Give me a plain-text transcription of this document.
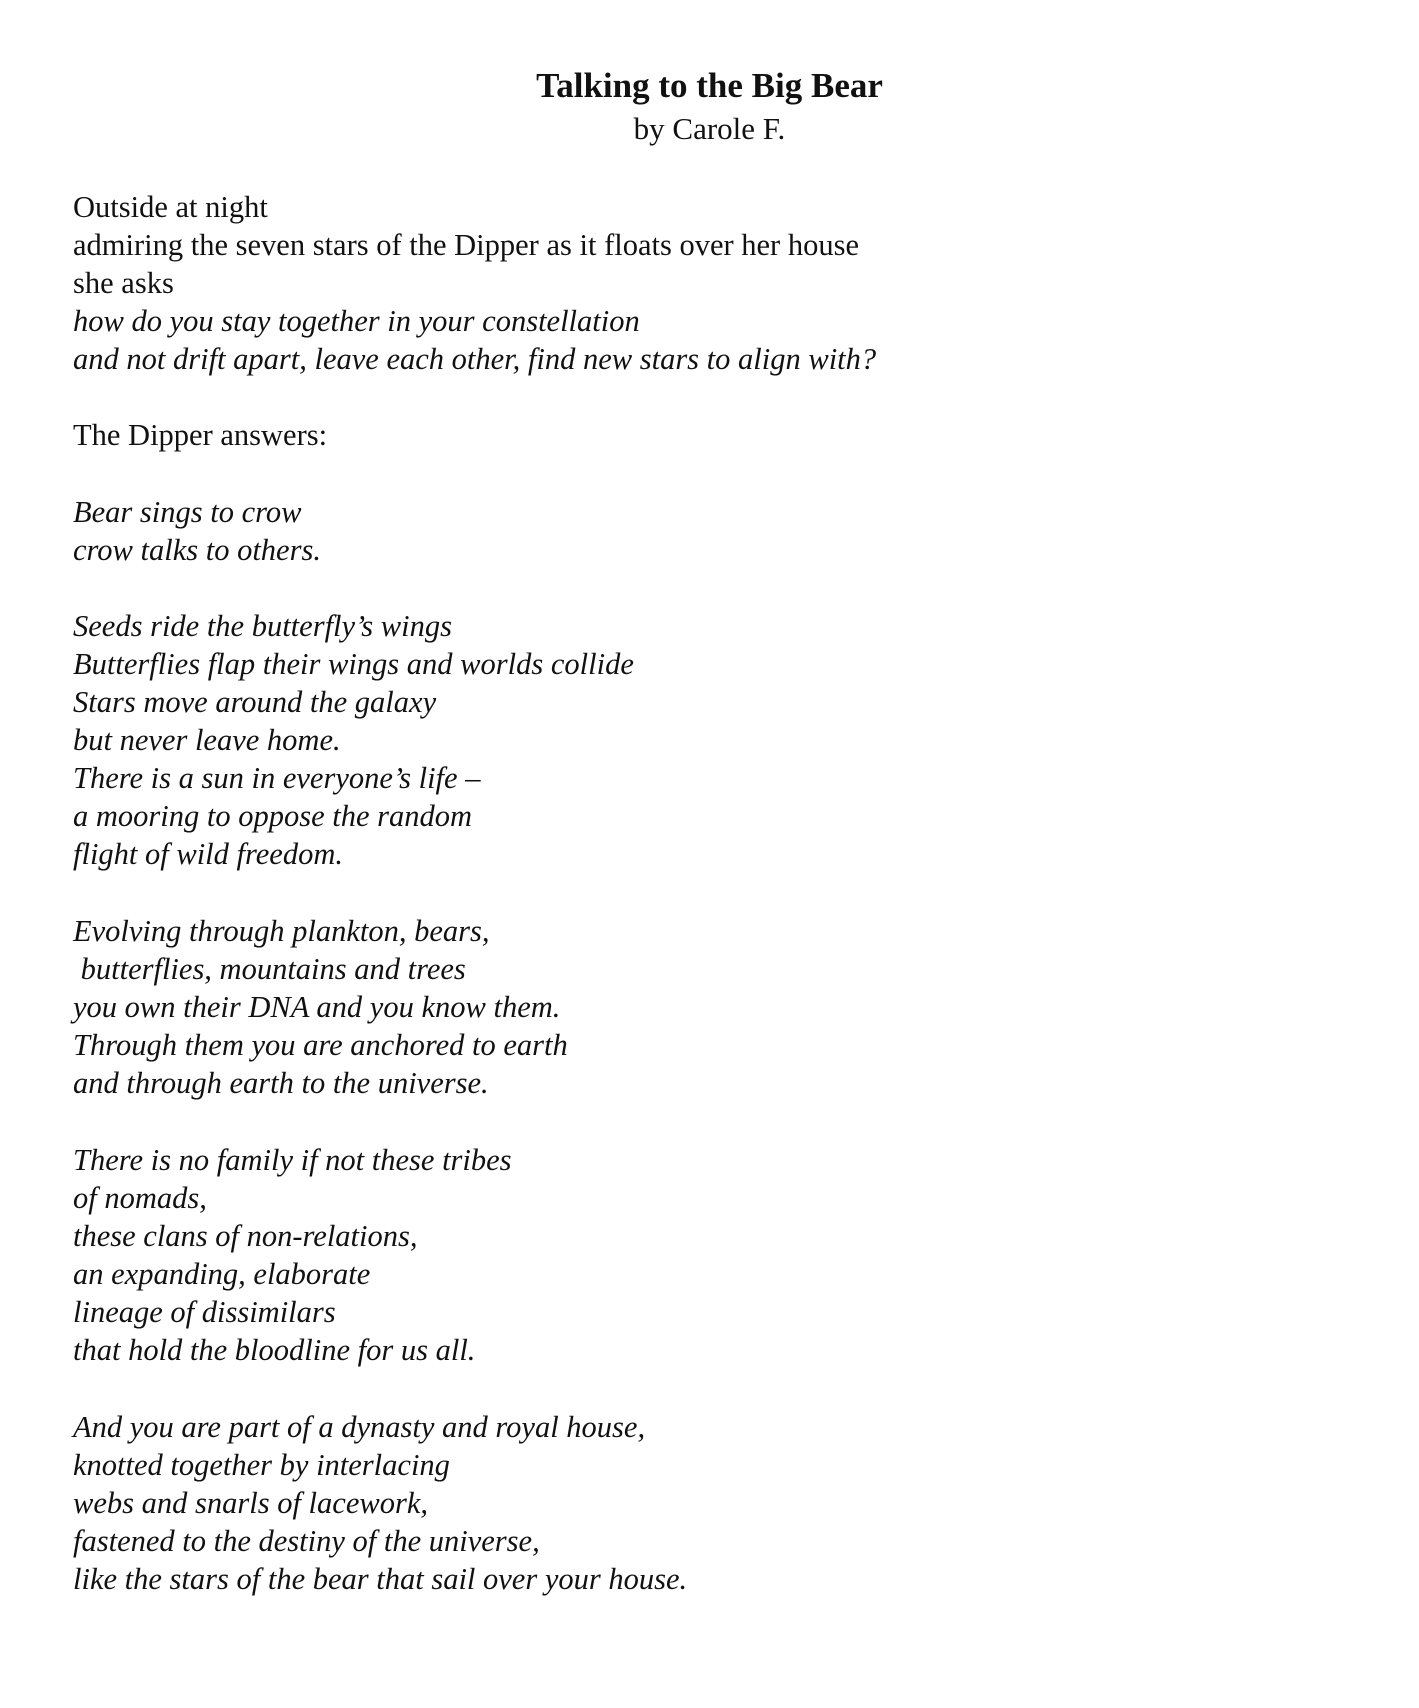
Talking to the Big Bear
by Carole F.
Outside at night
admiring the seven stars of the Dipper as it floats over her house
she asks
how do you stay together in your constellation
and not drift apart, leave each other, find new stars to align with?
The Dipper answers:
Bear sings to crow
crow talks to others.
Seeds ride the butterfly’s wings
Butterflies flap their wings and worlds collide
Stars move around the galaxy
but never leave home.
There is a sun in everyone’s life –
a mooring to oppose the random
flight of wild freedom.
Evolving through plankton, bears,
butterflies, mountains and trees
you own their DNA and you know them.
Through them you are anchored to earth
and through earth to the universe.
There is no family if not these tribes
of nomads,
these clans of non-relations,
an expanding, elaborate
lineage of dissimilars
that hold the bloodline for us all.
And you are part of a dynasty and royal house,
knotted together by interlacing
webs and snarls of lacework,
fastened to the destiny of the universe,
like the stars of the bear that sail over your house.
